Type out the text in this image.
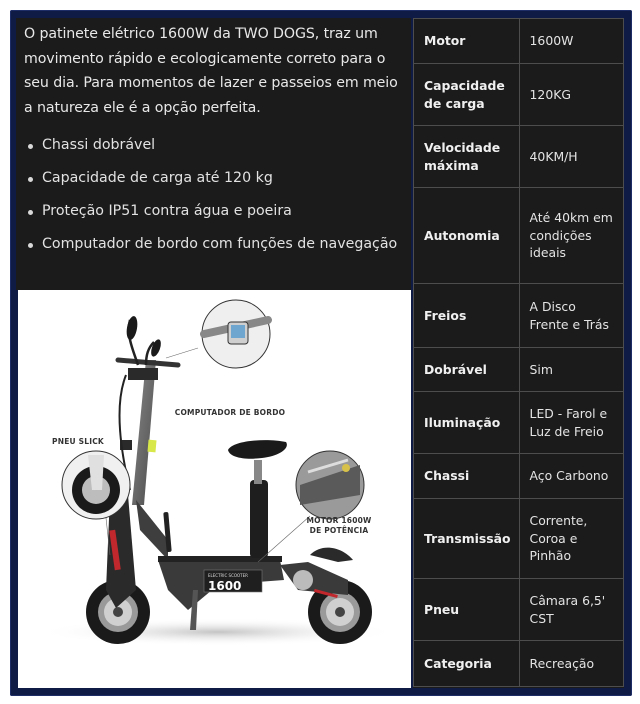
O patinete elétrico 1600W da TWO DOGS, traz um movimento rápido e ecologicamente correto para o seu dia. Para momentos de lazer e passeios em meio a natureza ele é a opção perfeita.
Chassi dobrável
Capacidade de carga até 120 kg
Proteção IP51 contra água e poeira
Computador de bordo com funções de navegação
ELECTRIC SCOOTER
1600
COMPUTADOR DE BORDO
PNEU SLICK
MOTOR 1600W
DE POTÊNCIA
Motor	1600W
Capacidade de carga	120KG
Velocidade máxima	40KM/H
Autonomia	Até 40km em condições ideais
Freios	A Disco Frente e Trás
Dobrável	Sim
Iluminação	LED - Farol e Luz de Freio
Chassi	Aço Carbono
Transmissão	Corrente, Coroa e Pinhão
Pneu	Câmara 6,5' CST
Categoria	Recreação
